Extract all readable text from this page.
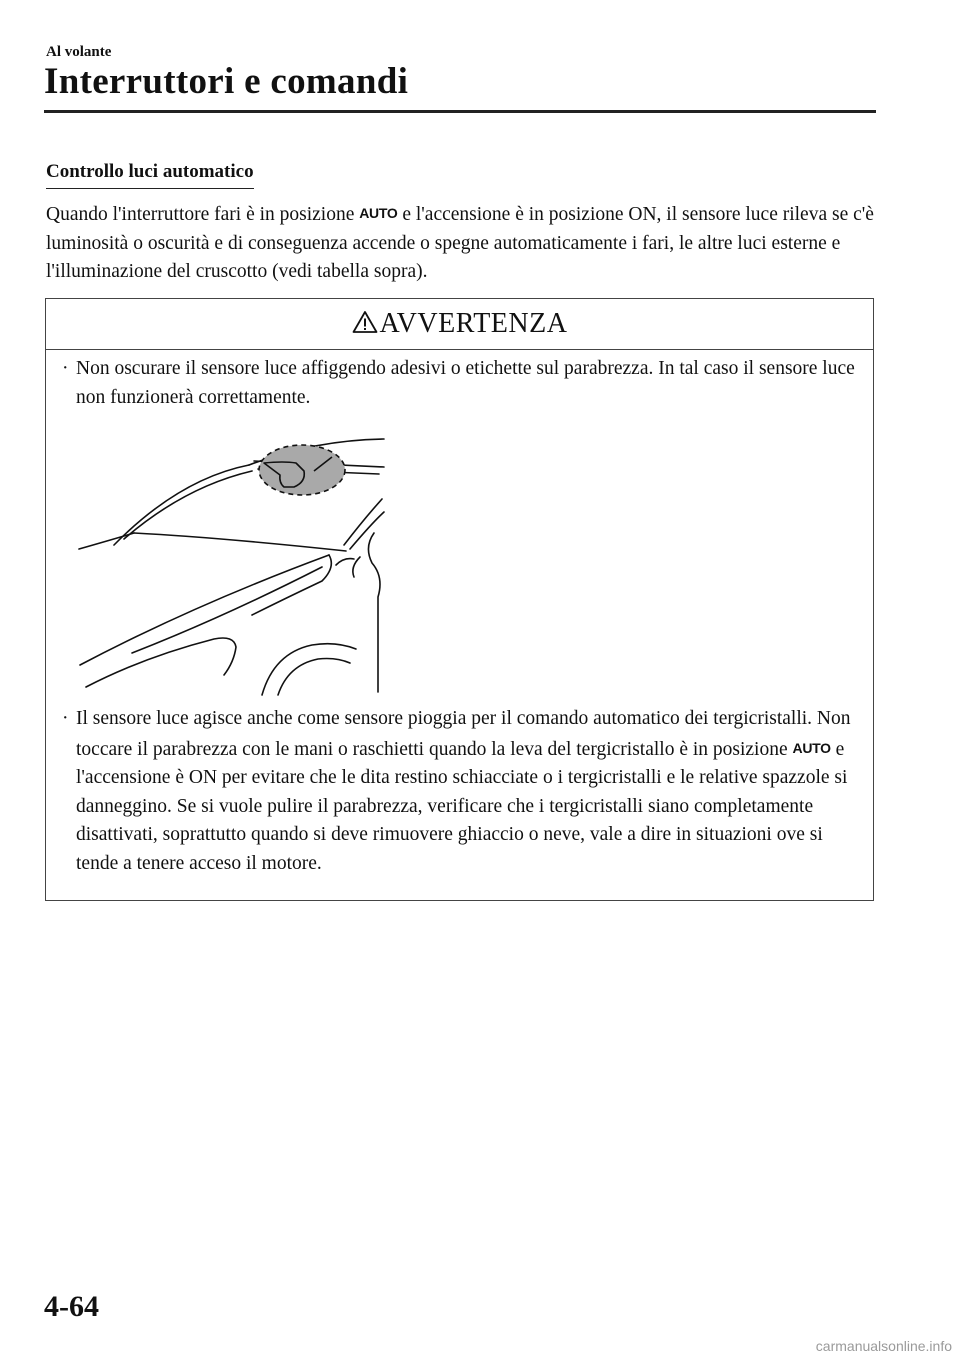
Al volante
Interruttori e comandi
Controllo luci automatico

Quando l'interruttore fari è in posizione AUTO e l'accensione è in posizione ON, il sensore luce rileva se c'è luminosità o oscurità e di conseguenza accende o spegne automaticamente i fari, le altre luci esterne e l'illuminazione del cruscotto (vedi tabella sopra).

AVVERTENZA

· Non oscurare il sensore luce affiggendo adesivi o etichette sul parabrezza. In tal caso il sensore luce non funzionerà correttamente.

· Il sensore luce agisce anche come sensore pioggia per il comando automatico dei tergicristalli. Non toccare il parabrezza con le mani o raschietti quando la leva del tergicristallo è in posizione AUTO e l'accensione è ON per evitare che le dita restino schiacciate o i tergicristalli e le relative spazzole si danneggino. Se si vuole pulire il parabrezza, verificare che i tergicristalli siano completamente disattivati, soprattutto quando si deve rimuovere ghiaccio o neve, vale a dire in situazioni ove si tende a tenere acceso il motore.

4-64
carmanualsonline.info
